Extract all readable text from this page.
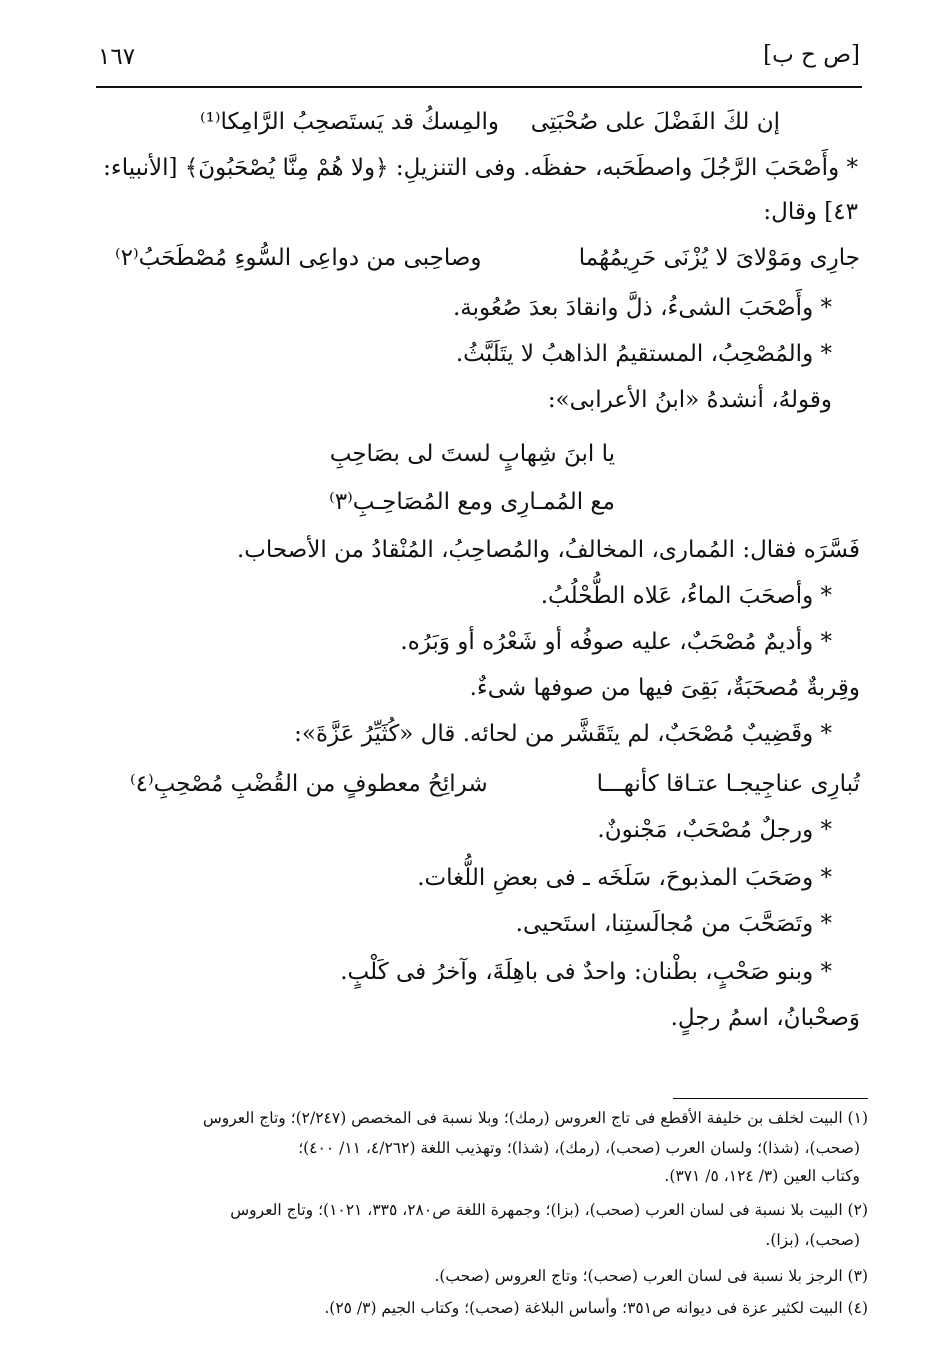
١٦٧	[ص ح ب]
إن لكَ الفَضْلَ على صُحْبَتِى
والمِسكُ قد يَستَصحِبُ الرَّامِكا⁽¹⁾
* وأَصْحَبَ الرَّجُلَ واصطَحَبه، حفظَه. وفى التنزيلِ: ﴿ولا هُمْ مِنَّا يُصْحَبُونَ﴾ [الأنبياء:
٤٣] وقال:
جارِى ومَوْلاىَ لا يُزْنَى حَرِيمُهُما
وصاحِبى من دواعِى السُّوءِ مُصْطَحَبُ⁽٢⁾
* وأَصْحَبَ الشىءُ، ذلَّ وانقادَ بعدَ صُعُوبة.
* والمُصْحِبُ، المستقيمُ الذاهبُ لا يتَلَبَّثُ.
وقولهُ، أنشدهُ «ابنُ الأعرابى»:
يا ابنَ شِهابٍ لستَ لى بصَاحِبِ
مع المُمـارِى ومع المُصَاحِـبِ⁽٣⁾
فَسَّرَه فقال: المُمارى، المخالفُ، والمُصاحِبُ، المُنْقادُ من الأصحاب.
* وأصحَبَ الماءُ، عَلاه الطُّحْلُبُ.
* وأديمٌ مُصْحَبٌ، عليه صوفُه أو شَعْرُه أو وَبَرُه.
وقِربةٌ مُصحَبَةٌ، بَقِىَ فيها من صوفها شىءٌ.
* وقَضِيبٌ مُصْحَبٌ، لم يتَقَشَّر من لحائه. قال «كُثَيِّرُ عَزَّةَ»:
تُبارِى عناجِيجـا عتـاقا كأنهـــا
شرائِحُ معطوفٍ من القُضْبِ مُصْحِبِ⁽٤⁾
* ورجلٌ مُصْحَبٌ، مَجْنونٌ.
* وصَحَبَ المذبوحَ، سَلَخَه ـ فى بعضِ اللُّغات.
* وتَصَحَّبَ من مُجالَستِنا، استَحيى.
* وبنو صَحْبٍ، بطْنان: واحدٌ فى باهِلَةَ، وآخرُ فى كَلْبٍ.
وَصحْبانُ، اسمُ رجلٍ.
(١) البيت لخلف بن خليفة الأقطع فى تاج العروس (رمك)؛ وبلا نسبة فى المخصص (٢/٢٤٧)؛ وتاج العروس
(صحب)، (شذا)؛ ولسان العرب (صحب)، (رمك)، (شذا)؛ وتهذيب اللغة (٤/٢٦٢، ١١/ ٤٠٠)؛
وكتاب العين (٣/ ١٢٤، ٥/ ٣٧١).
(٢) البيت بلا نسبة فى لسان العرب (صحب)، (بزا)؛ وجمهرة اللغة ص٢٨٠، ٣٣٥، ١٠٢١)؛ وتاج العروس
(صحب)، (بزا).
(٣) الرجز بلا نسبة فى لسان العرب (صحب)؛ وتاج العروس (صحب).
(٤) البيت لكثير عزة فى ديوانه ص٣٥١؛ وأساس البلاغة (صحب)؛ وكتاب الجيم (٣/ ٢٥).
